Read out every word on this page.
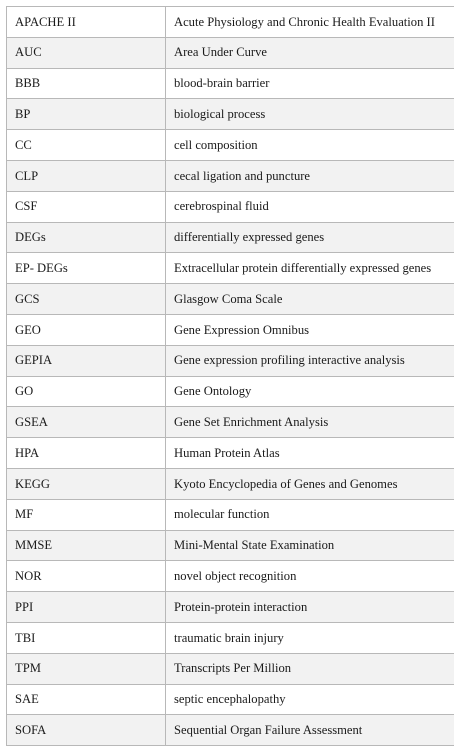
APACHE II	Acute Physiology and Chronic Health Evaluation II
AUC	Area Under Curve
BBB	blood-brain barrier
BP	biological process
CC	cell composition
CLP	cecal ligation and puncture
CSF	cerebrospinal fluid
DEGs	differentially expressed genes
EP- DEGs	Extracellular protein differentially expressed genes
GCS	Glasgow Coma Scale
GEO	Gene Expression Omnibus
GEPIA	Gene expression profiling interactive analysis
GO	Gene Ontology
GSEA	Gene Set Enrichment Analysis
HPA	Human Protein Atlas
KEGG	Kyoto Encyclopedia of Genes and Genomes
MF	molecular function
MMSE	Mini-Mental State Examination
NOR	novel object recognition
PPI	Protein-protein interaction
TBI	traumatic brain injury
TPM	Transcripts Per Million
SAE	septic encephalopathy
SOFA	Sequential Organ Failure Assessment
